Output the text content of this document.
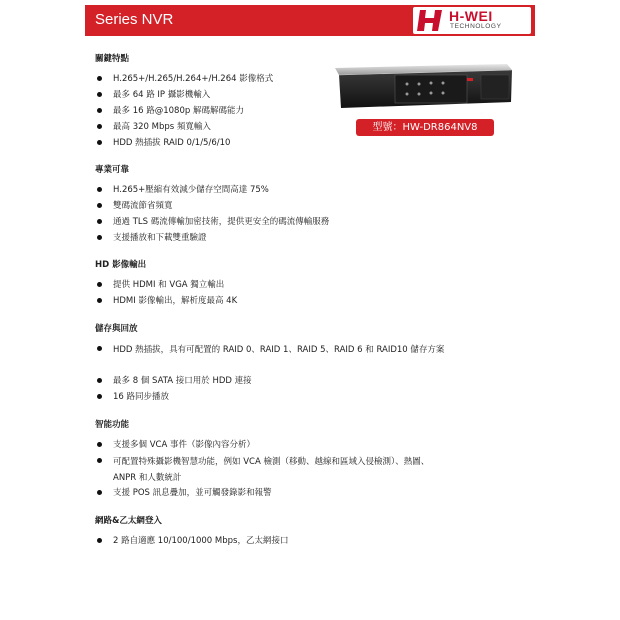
Series NVR	H-WEI
TECHNOLOGY
型號：HW-DR864NV8
關鍵特點
H.265+/H.265/H.264+/H.264 影像格式
最多 64 路 IP 攝影機輸入
最多 16 路@1080p 解碼解碼能力
最高 320 Mbps 頻寬輸入
HDD 熱插拔 RAID 0/1/5/6/10
專業可靠
H.265+壓縮有效減少儲存空間高達 75%
雙碼流節省頻寬
通過 TLS 碼流傳輸加密技術，提供更安全的碼流傳輸服務
支援播放和下載雙重驗證
HD 影像輸出
提供 HDMI 和 VGA 獨立輸出
HDMI 影像輸出，解析度最高 4K
儲存與回放
HDD 熱插拔，具有可配置的 RAID 0、RAID 1、RAID 5、RAID 6 和 RAID10 儲存方案
最多 8 個 SATA 接口用於 HDD 連接
16 路同步播放
智能功能
支援多個 VCA 事件（影像內容分析）
可配置特殊攝影機智慧功能，例如 VCA 檢測（移動、越線和區域入侵檢測）、熱圖、ANPR 和人數統計
支援 POS 訊息疊加，並可觸發錄影和報警
網路&乙太網登入
2 路自適應 10/100/1000 Mbps，乙太網接口
